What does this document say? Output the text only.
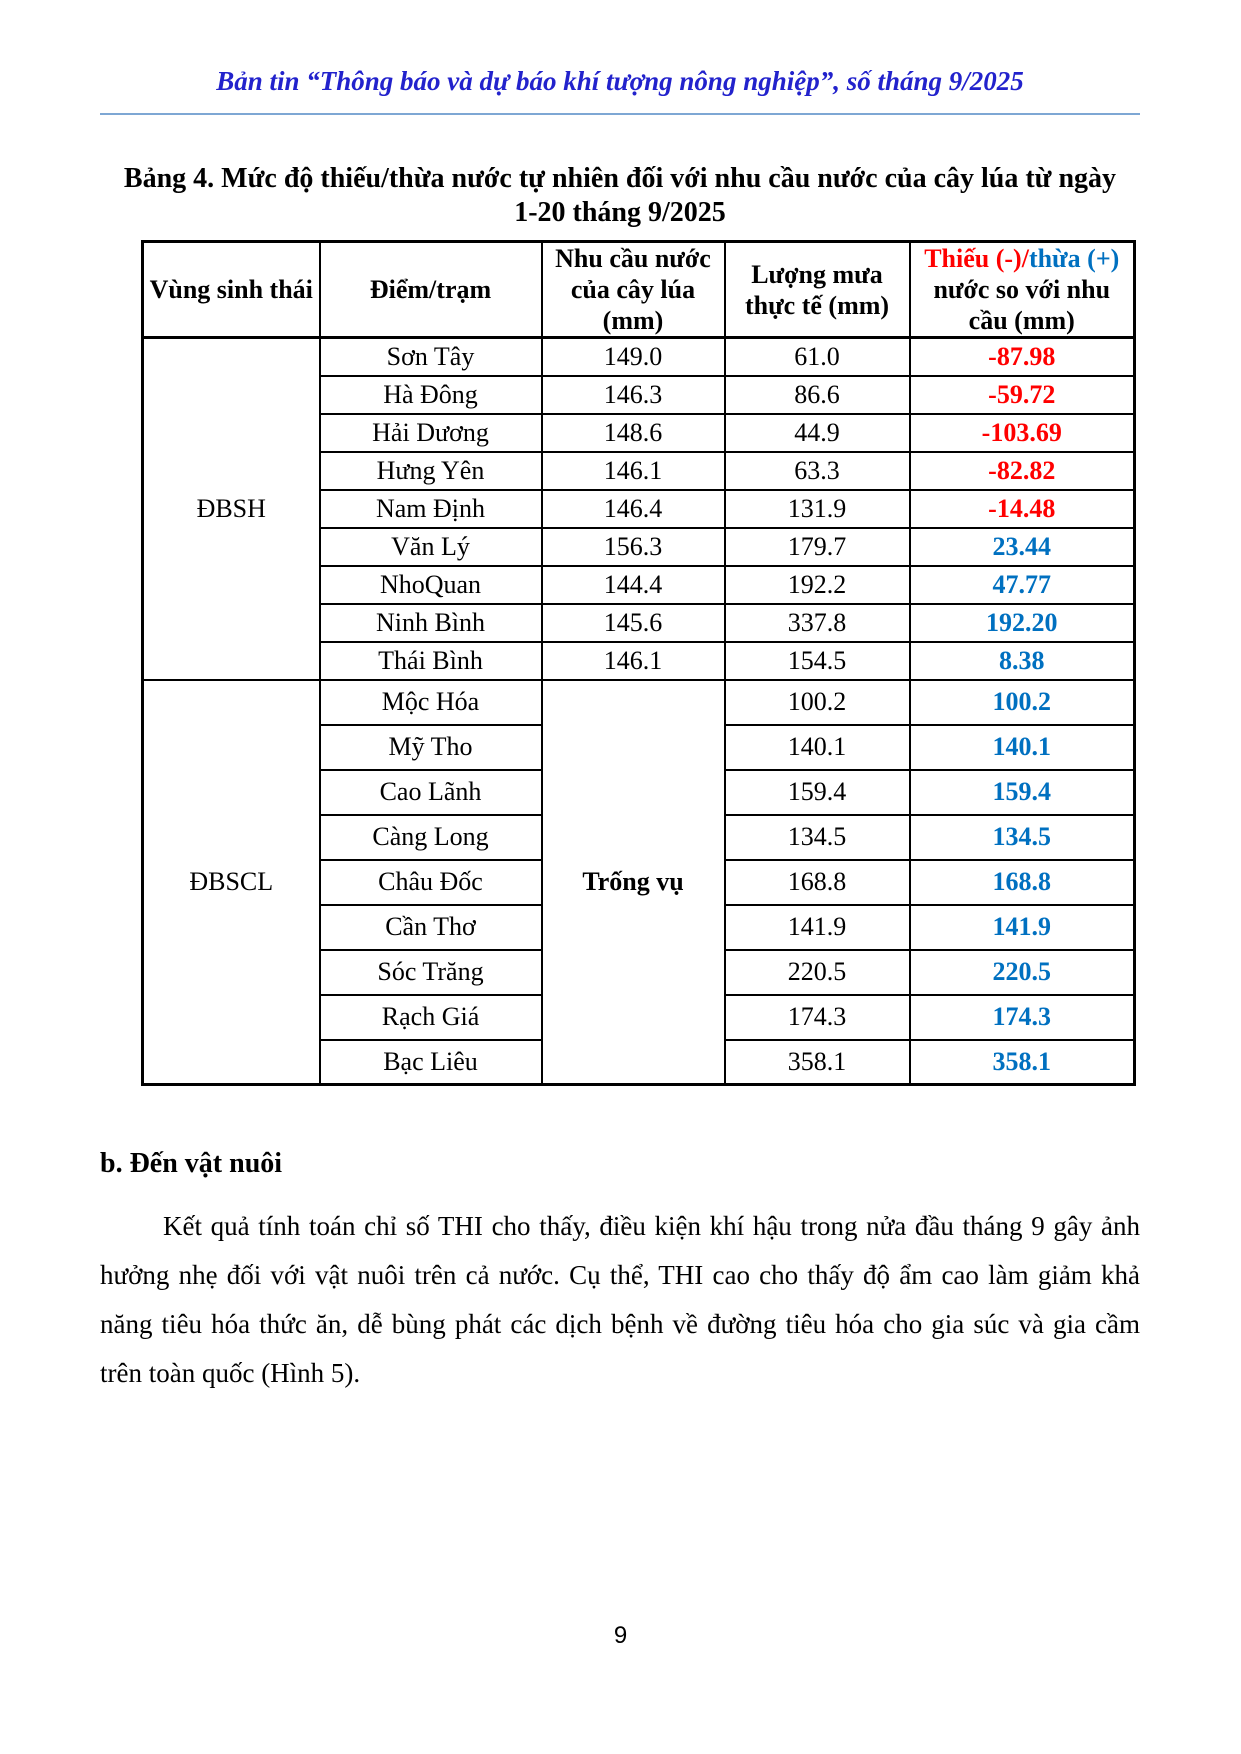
Bản tin “Thông báo và dự báo khí tượng nông nghiệp”, số tháng 9/2025
Bảng 4. Mức độ thiếu/thừa nước tự nhiên đối với nhu cầu nước của cây lúa từ ngày
1-20 tháng 9/2025
Vùng sinh thái	Điểm/trạm	Nhu cầu nước của cây lúa (mm)	Lượng mưa thực tế (mm)	Thiếu (-)/thừa (+) nước so với nhu cầu (mm)
ĐBSH	Sơn Tây	149.0	61.0	-87.98
	Hà Đông	146.3	86.6	-59.72
	Hải Dương	148.6	44.9	-103.69
	Hưng Yên	146.1	63.3	-82.82
	Nam Định	146.4	131.9	-14.48
	Văn Lý	156.3	179.7	23.44
	NhoQuan	144.4	192.2	47.77
	Ninh Bình	145.6	337.8	192.20
	Thái Bình	146.1	154.5	8.38
ĐBSCL	Mộc Hóa	Trống vụ	100.2	100.2
	Mỹ Tho		140.1	140.1
	Cao Lãnh		159.4	159.4
	Càng Long		134.5	134.5
	Châu Đốc		168.8	168.8
	Cần Thơ		141.9	141.9
	Sóc Trăng		220.5	220.5
	Rạch Giá		174.3	174.3
	Bạc Liêu		358.1	358.1
b. Đến vật nuôi

Kết quả tính toán chỉ số THI cho thấy, điều kiện khí hậu trong nửa đầu tháng 9 gây ảnh hưởng nhẹ đối với vật nuôi trên cả nước. Cụ thể, THI cao cho thấy độ ẩm cao làm giảm khả năng tiêu hóa thức ăn, dễ bùng phát các dịch bệnh về đường tiêu hóa cho gia súc và gia cầm trên toàn quốc (Hình 5).

9
